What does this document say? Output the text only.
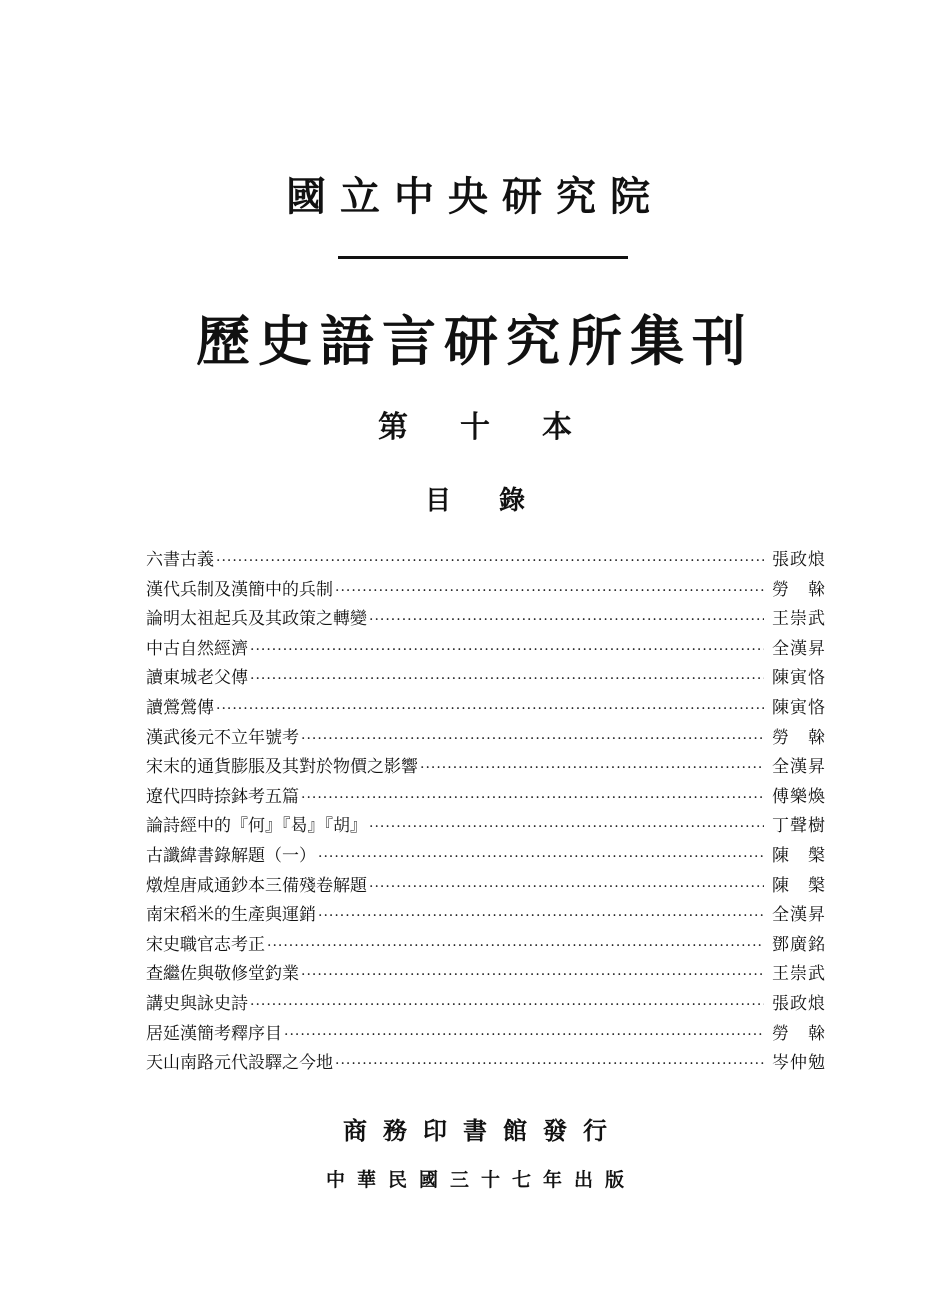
國立中央研究院
歷史語言研究所集刊
第十本
目錄
六書古義 ·····	張政烺
漢代兵制及漢簡中的兵制 ·····	勞　榦
論明太祖起兵及其政策之轉變 ·····	王崇武
中古自然經濟 ·····	全漢昇
讀東城老父傳 ·····	陳寅恪
讀鶯鶯傳 ·····	陳寅恪
漢武後元不立年號考 ·····	勞　榦
宋末的通貨膨脹及其對於物價之影響 ·····	全漢昇
遼代四時捺鉢考五篇 ·····	傅樂煥
論詩經中的『何』『曷』『胡』 ·····	丁聲樹
古讖緯書錄解題（一） ·····	陳　槃
燉煌唐咸通鈔本三備殘卷解題 ·····	陳　槃
南宋稻米的生產與運銷 ·····	全漢昇
宋史職官志考正 ·····	鄧廣銘
查繼佐與敬修堂釣業 ·····	王崇武
講史與詠史詩 ·····	張政烺
居延漢簡考釋序目 ·····	勞　榦
天山南路元代設驛之今地 ·····	岑仲勉
商務印書館發行
中華民國三十七年出版
